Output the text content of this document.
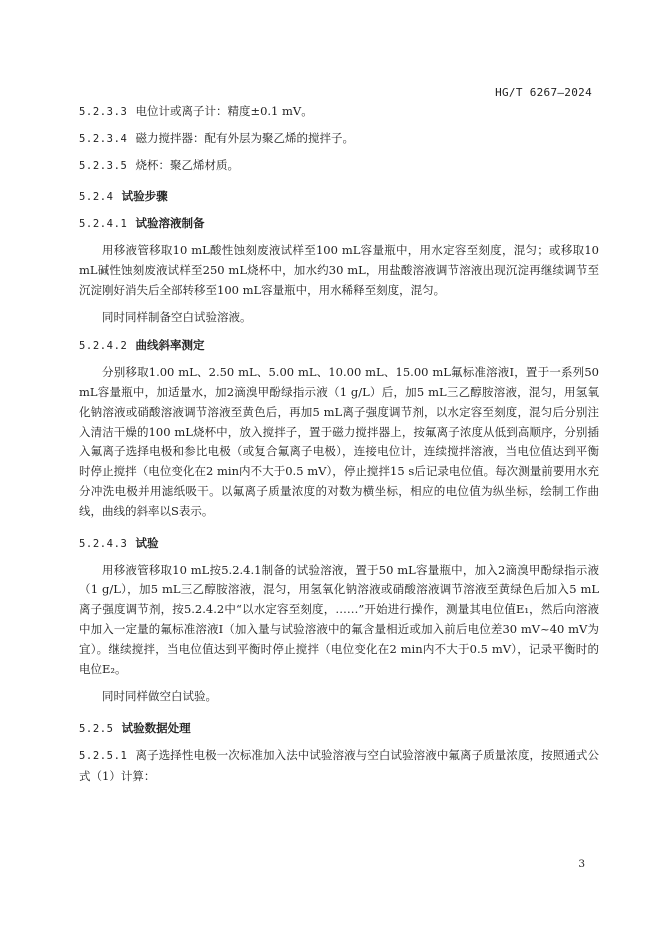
HG/T 6267—2024
5.2.3.3 电位计或离子计：精度±0.1 mV。
5.2.3.4 磁力搅拌器：配有外层为聚乙烯的搅拌子。
5.2.3.5 烧杯：聚乙烯材质。
5.2.4 试验步骤
5.2.4.1 试验溶液制备

用移液管移取10 mL酸性蚀刻废液试样至100 mL容量瓶中，用水定容至刻度，混匀；或移取10 mL碱性蚀刻废液试样至250 mL烧杯中，加水约30 mL，用盐酸溶液调节溶液出现沉淀再继续调节至沉淀刚好消失后全部转移至100 mL容量瓶中，用水稀释至刻度，混匀。

同时同样制备空白试验溶液。

5.2.4.2 曲线斜率测定

分别移取1.00 mL、2.50 mL、5.00 mL、10.00 mL、15.00 mL氟标准溶液I，置于一系列50 mL容量瓶中，加适量水，加2滴溴甲酚绿指示液（1 g/L）后，加5 mL三乙醇胺溶液，混匀，用氢氧化钠溶液或硝酸溶液调节溶液至黄色后，再加5 mL离子强度调节剂，以水定容至刻度，混匀后分别注入清洁干燥的100 mL烧杯中，放入搅拌子，置于磁力搅拌器上，按氟离子浓度从低到高顺序，分别插入氟离子选择电极和参比电极（或复合氟离子电极），连接电位计，连续搅拌溶液，当电位值达到平衡时停止搅拌（电位变化在2 min内不大于0.5 mV），停止搅拌15 s后记录电位值。每次测量前要用水充分冲洗电极并用滤纸吸干。以氟离子质量浓度的对数为横坐标，相应的电位值为纵坐标，绘制工作曲线，曲线的斜率以S表示。

5.2.4.3 试验

用移液管移取10 mL按5.2.4.1制备的试验溶液，置于50 mL容量瓶中，加入2滴溴甲酚绿指示液（1 g/L），加5 mL三乙醇胺溶液，混匀，用氢氧化钠溶液或硝酸溶液调节溶液至黄绿色后加入5 mL离子强度调节剂，按5.2.4.2中“以水定容至刻度，……”开始进行操作，测量其电位值E₁，然后向溶液中加入一定量的氟标准溶液I（加入量与试验溶液中的氟含量相近或加入前后电位差30 mV~40 mV为宜）。继续搅拌，当电位值达到平衡时停止搅拌（电位变化在2 min内不大于0.5 mV），记录平衡时的电位E₂。

同时同样做空白试验。

5.2.5 试验数据处理

5.2.5.1 离子选择性电极一次标准加入法中试验溶液与空白试验溶液中氟离子质量浓度，按照通式公式（1）计算：

3
